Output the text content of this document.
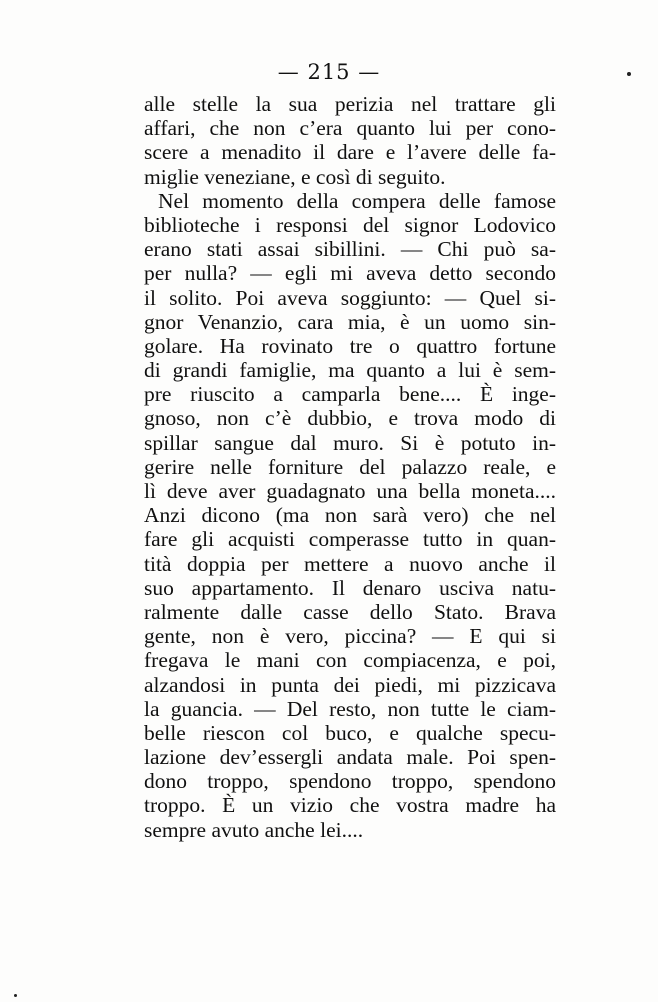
— 215 —
alle stelle la sua perizia nel trattare gli
affari, che non c’era quanto lui per cono-
scere a menadito il dare e l’avere delle fa-
miglie veneziane, e così di seguito.
Nel momento della compera delle famose
biblioteche i responsi del signor Lodovico
erano stati assai sibillini. — Chi può sa-
per nulla? — egli mi aveva detto secondo
il solito. Poi aveva soggiunto: — Quel si-
gnor Venanzio, cara mia, è un uomo sin-
golare. Ha rovinato tre o quattro fortune
di grandi famiglie, ma quanto a lui è sem-
pre riuscito a camparla bene.... È inge-
gnoso, non c’è dubbio, e trova modo di
spillar sangue dal muro. Si è potuto in-
gerire nelle forniture del palazzo reale, e
lì deve aver guadagnato una bella moneta....
Anzi dicono (ma non sarà vero) che nel
fare gli acquisti comperasse tutto in quan-
tità doppia per mettere a nuovo anche il
suo appartamento. Il denaro usciva natu-
ralmente dalle casse dello Stato. Brava
gente, non è vero, piccina? — E qui si
fregava le mani con compiacenza, e poi,
alzandosi in punta dei piedi, mi pizzicava
la guancia. — Del resto, non tutte le ciam-
belle riescon col buco, e qualche specu-
lazione dev’essergli andata male. Poi spen-
dono troppo, spendono troppo, spendono
troppo. È un vizio che vostra madre ha
sempre avuto anche lei....
